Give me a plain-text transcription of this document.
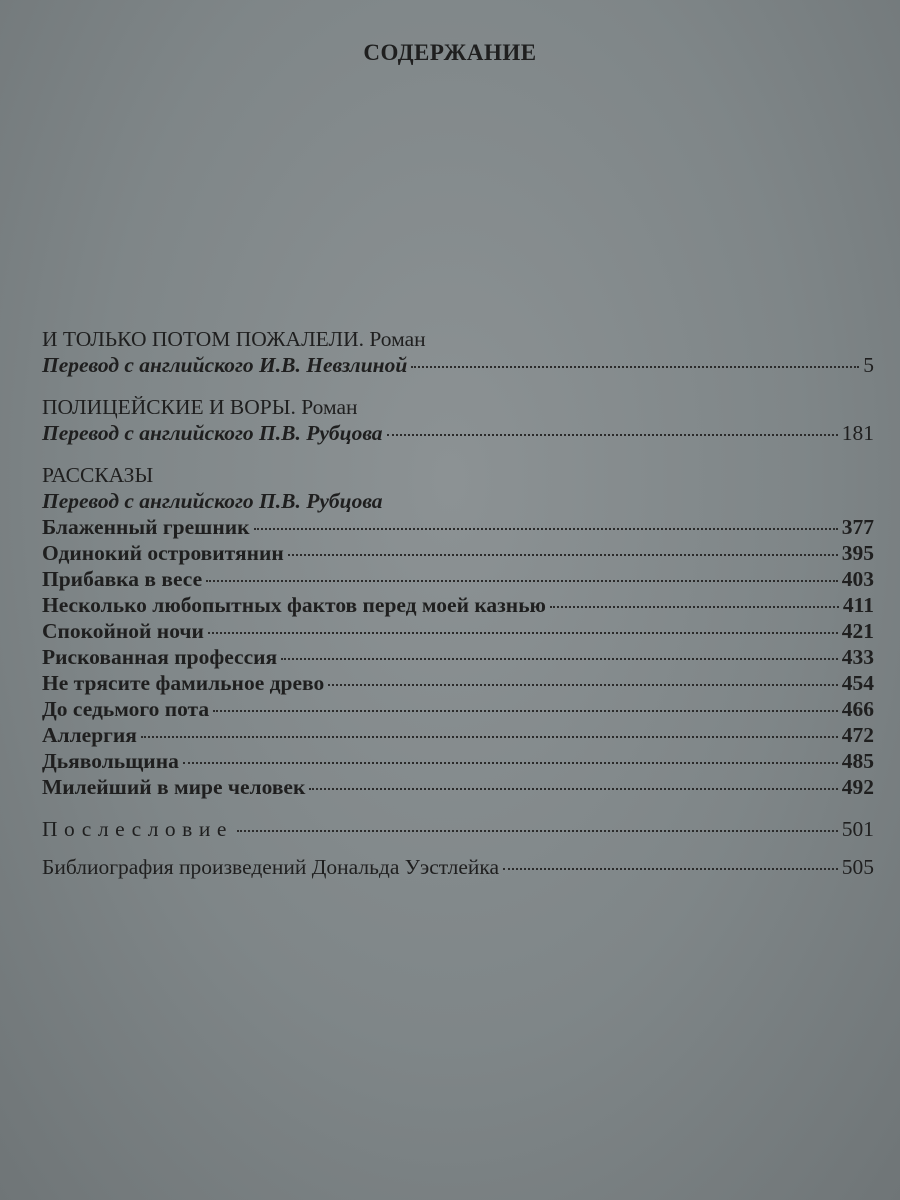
СОДЕРЖАНИЕ
И ТОЛЬКО ПОТОМ ПОЖАЛЕЛИ. Роман
Перевод с английского И.В. Невзлиной	5
ПОЛИЦЕЙСКИЕ И ВОРЫ. Роман
Перевод с английского П.В. Рубцова	181
РАССКАЗЫ
Перевод с английского П.В. Рубцова
Блаженный грешник	377
Одинокий островитянин	395
Прибавка в весе	403
Несколько любопытных фактов перед моей казнью	411
Спокойной ночи	421
Рискованная профессия	433
Не трясите фамильное древо	454
До седьмого пота	466
Аллергия	472
Дьявольщина	485
Милейший в мире человек	492
Послесловие	501
Библиография произведений Дональда Уэстлейка	505
